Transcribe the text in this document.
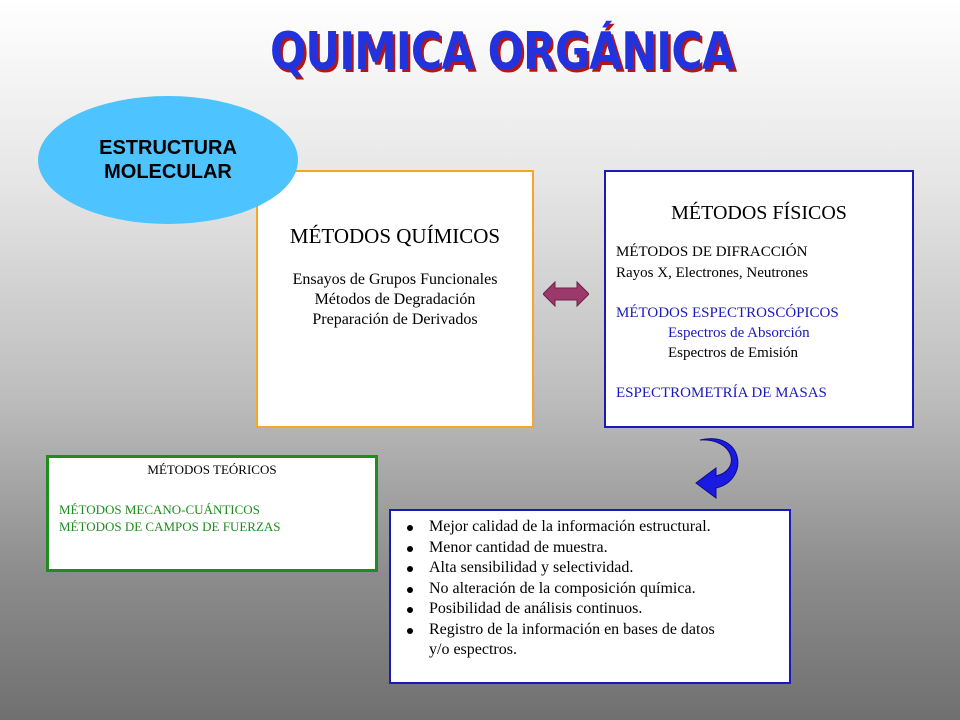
QUIMICA ORGÁNICA
ESTRUCTURA
MOLECULAR
MÉTODOS QUÍMICOS
Ensayos de Grupos Funcionales
Métodos de Degradación
Preparación de Derivados
MÉTODOS FÍSICOS
MÉTODOS DE DIFRACCIÓN
Rayos X, Electrones, Neutrones
MÉTODOS ESPECTROSCÓPICOS
Espectros de Absorción
Espectros de Emisión
ESPECTROMETRÍA DE MASAS
MÉTODOS TEÓRICOS
MÉTODOS MECANO-CUÁNTICOS
MÉTODOS DE CAMPOS DE FUERZAS	Mejor calidad de la información estructural.
Menor cantidad de muestra.
Alta sensibilidad y selectividad.
No alteración de la composición química.
Posibilidad de análisis continuos.
Registro de la información en bases de datos
y/o espectros.
